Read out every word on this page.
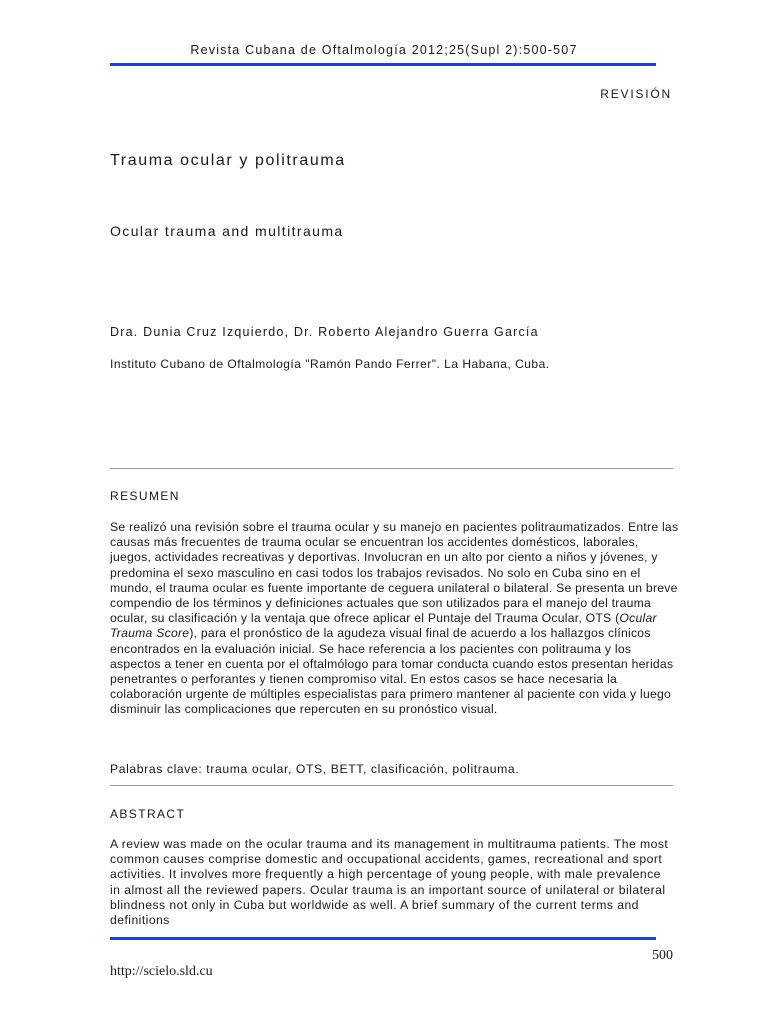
Revista Cubana de Oftalmología 2012;25(Supl 2):500-507
REVISIÓN
Trauma ocular y politrauma
Ocular trauma and multitrauma
Dra. Dunia Cruz Izquierdo, Dr. Roberto Alejandro Guerra García
Instituto Cubano de Oftalmología "Ramón Pando Ferrer". La Habana, Cuba.
RESUMEN

Se realizó una revisión sobre el trauma ocular y su manejo en pacientes politraumatizados. Entre las causas más frecuentes de trauma ocular se encuentran los accidentes domésticos, laborales, juegos, actividades recreativas y deportivas. Involucran en un alto por ciento a niños y jóvenes, y predomina el sexo masculino en casi todos los trabajos revisados. No solo en Cuba sino en el mundo, el trauma ocular es fuente importante de ceguera unilateral o bilateral. Se presenta un breve compendio de los términos y definiciones actuales que son utilizados para el manejo del trauma ocular, su clasificación y la ventaja que ofrece aplicar el Puntaje del Trauma Ocular, OTS (Ocular Trauma Score), para el pronóstico de la agudeza visual final de acuerdo a los hallazgos clínicos encontrados en la evaluación inicial. Se hace referencia a los pacientes con politrauma y los aspectos a tener en cuenta por el oftalmólogo para tomar conducta cuando estos presentan heridas penetrantes o perforantes y tienen compromiso vital. En estos casos se hace necesaria la colaboración urgente de múltiples especialistas para primero mantener al paciente con vida y luego disminuir las complicaciones que repercuten en su pronóstico visual.

Palabras clave: trauma ocular, OTS, BETT, clasificación, politrauma.

ABSTRACT

A review was made on the ocular trauma and its management in multitrauma patients. The most common causes comprise domestic and occupational accidents, games, recreational and sport activities. It involves more frequently a high percentage of young people, with male prevalence in almost all the reviewed papers. Ocular trauma is an important source of unilateral or bilateral blindness not only in Cuba but worldwide as well. A brief summary of the current terms and definitions

500
http://scielo.sld.cu
